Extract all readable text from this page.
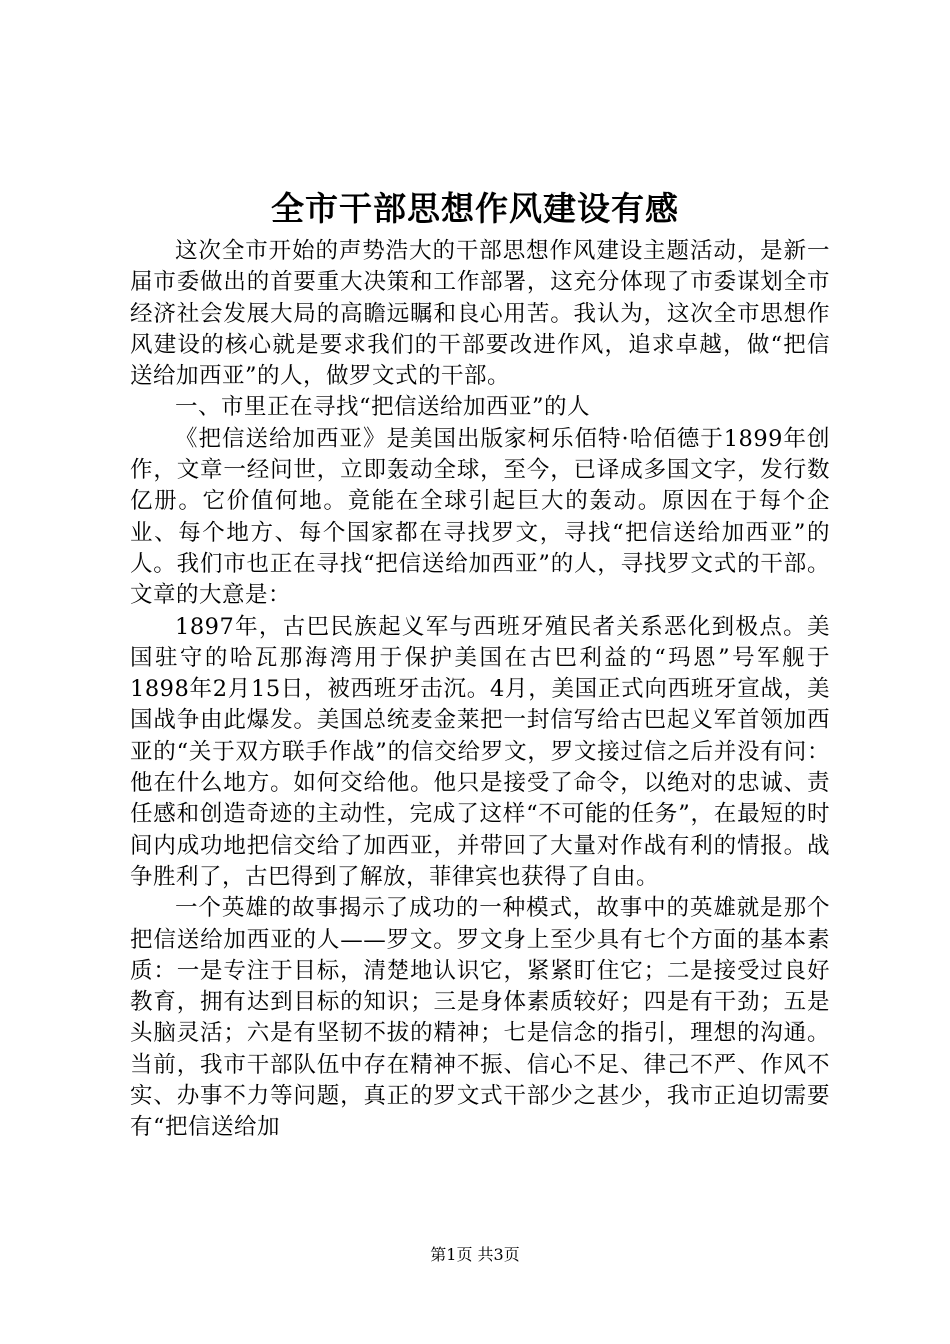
全市干部思想作风建设有感

这次全市开始的声势浩大的干部思想作风建设主题活动，是新一届市委做出的首要重大决策和工作部署，这充分体现了市委谋划全市经济社会发展大局的高瞻远瞩和良心用苦。我认为，这次全市思想作风建设的核心就是要求我们的干部要改进作风，追求卓越，做“把信送给加西亚”的人，做罗文式的干部。

一、市里正在寻找“把信送给加西亚”的人

《把信送给加西亚》是美国出版家柯乐佰特·哈佰德于1899年创作，文章一经问世，立即轰动全球，至今，已译成多国文字，发行数亿册。它价值何地。竟能在全球引起巨大的轰动。原因在于每个企业、每个地方、每个国家都在寻找罗文，寻找“把信送给加西亚”的人。我们市也正在寻找“把信送给加西亚”的人，寻找罗文式的干部。文章的大意是：

1897年，古巴民族起义军与西班牙殖民者关系恶化到极点。美国驻守的哈瓦那海湾用于保护美国在古巴利益的“玛恩”号军舰于1898年2月15日，被西班牙击沉。4月，美国正式向西班牙宣战，美国战争由此爆发。美国总统麦金莱把一封信写给古巴起义军首领加西亚的“关于双方联手作战”的信交给罗文，罗文接过信之后并没有问：他在什么地方。如何交给他。他只是接受了命令，以绝对的忠诚、责任感和创造奇迹的主动性，完成了这样“不可能的任务”，在最短的时间内成功地把信交给了加西亚，并带回了大量对作战有利的情报。战争胜利了，古巴得到了解放，菲律宾也获得了自由。

一个英雄的故事揭示了成功的一种模式，故事中的英雄就是那个把信送给加西亚的人——罗文。罗文身上至少具有七个方面的基本素质：一是专注于目标，清楚地认识它，紧紧盯住它；二是接受过良好教育，拥有达到目标的知识；三是身体素质较好；四是有干劲；五是头脑灵活；六是有坚韧不拔的精神；七是信念的指引，理想的沟通。当前，我市干部队伍中存在精神不振、信心不足、律己不严、作风不实、办事不力等问题，真正的罗文式干部少之甚少，我市正迫切需要有“把信送给加

第1页 共3页
